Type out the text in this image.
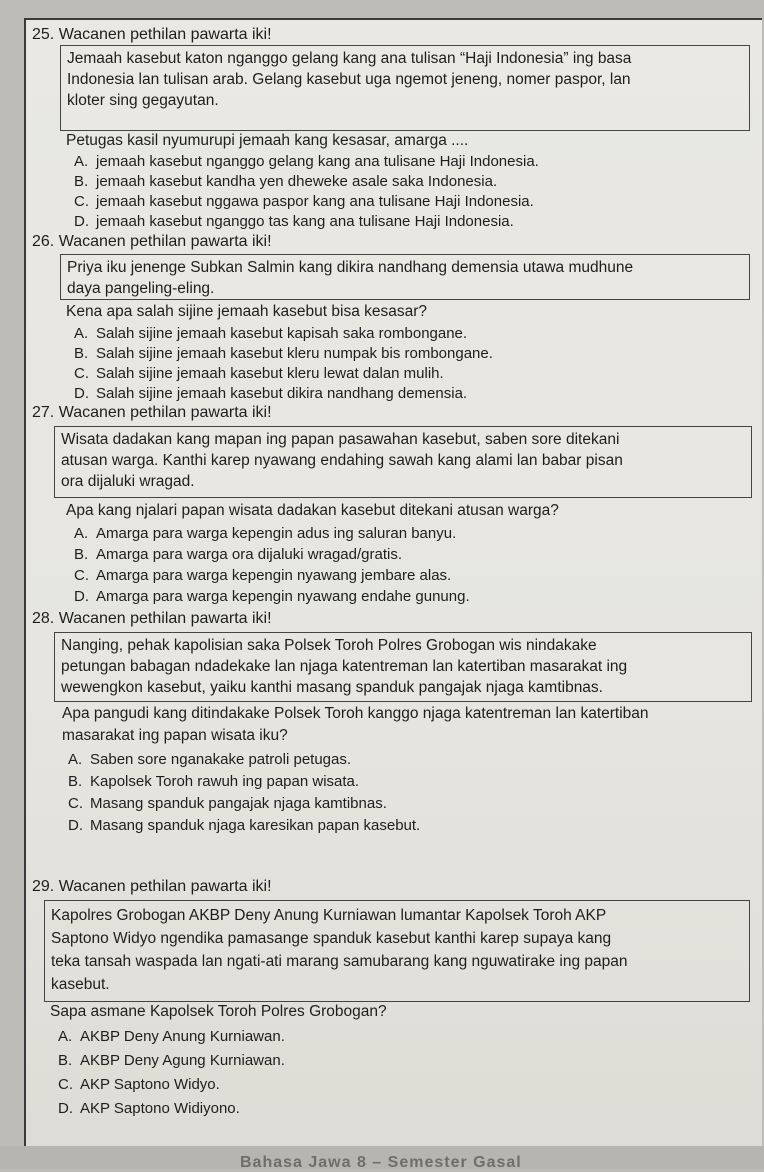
25. Wacanen pethilan pawarta iki!

Jemaah kasebut katon nganggo gelang kang ana tulisan “Haji Indonesia” ing basa

Indonesia lan tulisan arab. Gelang kasebut uga ngemot jeneng, nomer paspor, lan

kloter sing gegayutan.

Petugas kasil nyumurupi jemaah kang kesasar, amarga ....
A. jemaah kasebut nganggo gelang kang ana tulisane Haji Indonesia.
B. jemaah kasebut kandha yen dheweke asale saka Indonesia.
C. jemaah kasebut nggawa paspor kang ana tulisane Haji Indonesia.
D. jemaah kasebut nganggo tas kang ana tulisane Haji Indonesia.
26. Wacanen pethilan pawarta iki!

Priya iku jenenge Subkan Salmin kang dikira nandhang demensia utawa mudhune

daya pangeling-eling.

Kena apa salah sijine jemaah kasebut bisa kesasar?
A. Salah sijine jemaah kasebut kapisah saka rombongane.
B. Salah sijine jemaah kasebut kleru numpak bis rombongane.
C. Salah sijine jemaah kasebut kleru lewat dalan mulih.
D. Salah sijine jemaah kasebut dikira nandhang demensia.
27. Wacanen pethilan pawarta iki!

Wisata dadakan kang mapan ing papan pasawahan kasebut, saben sore ditekani

atusan warga. Kanthi karep nyawang endahing sawah kang alami lan babar pisan

ora dijaluki wragad.

Apa kang njalari papan wisata dadakan kasebut ditekani atusan warga?
A. Amarga para warga kepengin adus ing saluran banyu.
B. Amarga para warga ora dijaluki wragad/gratis.
C. Amarga para warga kepengin nyawang jembare alas.
D. Amarga para warga kepengin nyawang endahe gunung.
28. Wacanen pethilan pawarta iki!

Nanging, pehak kapolisian saka Polsek Toroh Polres Grobogan wis nindakake

petungan babagan ndadekake lan njaga katentreman lan katertiban masarakat ing

wewengkon kasebut, yaiku kanthi masang spanduk pangajak njaga kamtibnas.

Apa pangudi kang ditindakake Polsek Toroh kanggo njaga katentreman lan katertiban
masarakat ing papan wisata iku?
A. Saben sore nganakake patroli petugas.
B. Kapolsek Toroh rawuh ing papan wisata.
C. Masang spanduk pangajak njaga kamtibnas.
D. Masang spanduk njaga karesikan papan kasebut.
29. Wacanen pethilan pawarta iki!

Kapolres Grobogan AKBP Deny Anung Kurniawan lumantar Kapolsek Toroh AKP

Saptono Widyo ngendika pamasange spanduk kasebut kanthi karep supaya kang

teka tansah waspada lan ngati-ati marang samubarang kang nguwatirake ing papan

kasebut.

Sapa asmane Kapolsek Toroh Polres Grobogan?
A. AKBP Deny Anung Kurniawan.
B. AKBP Deny Agung Kurniawan.
C. AKP Saptono Widyo.
D. AKP Saptono Widiyono.
Bahasa Jawa 8 – Semester Gasal
